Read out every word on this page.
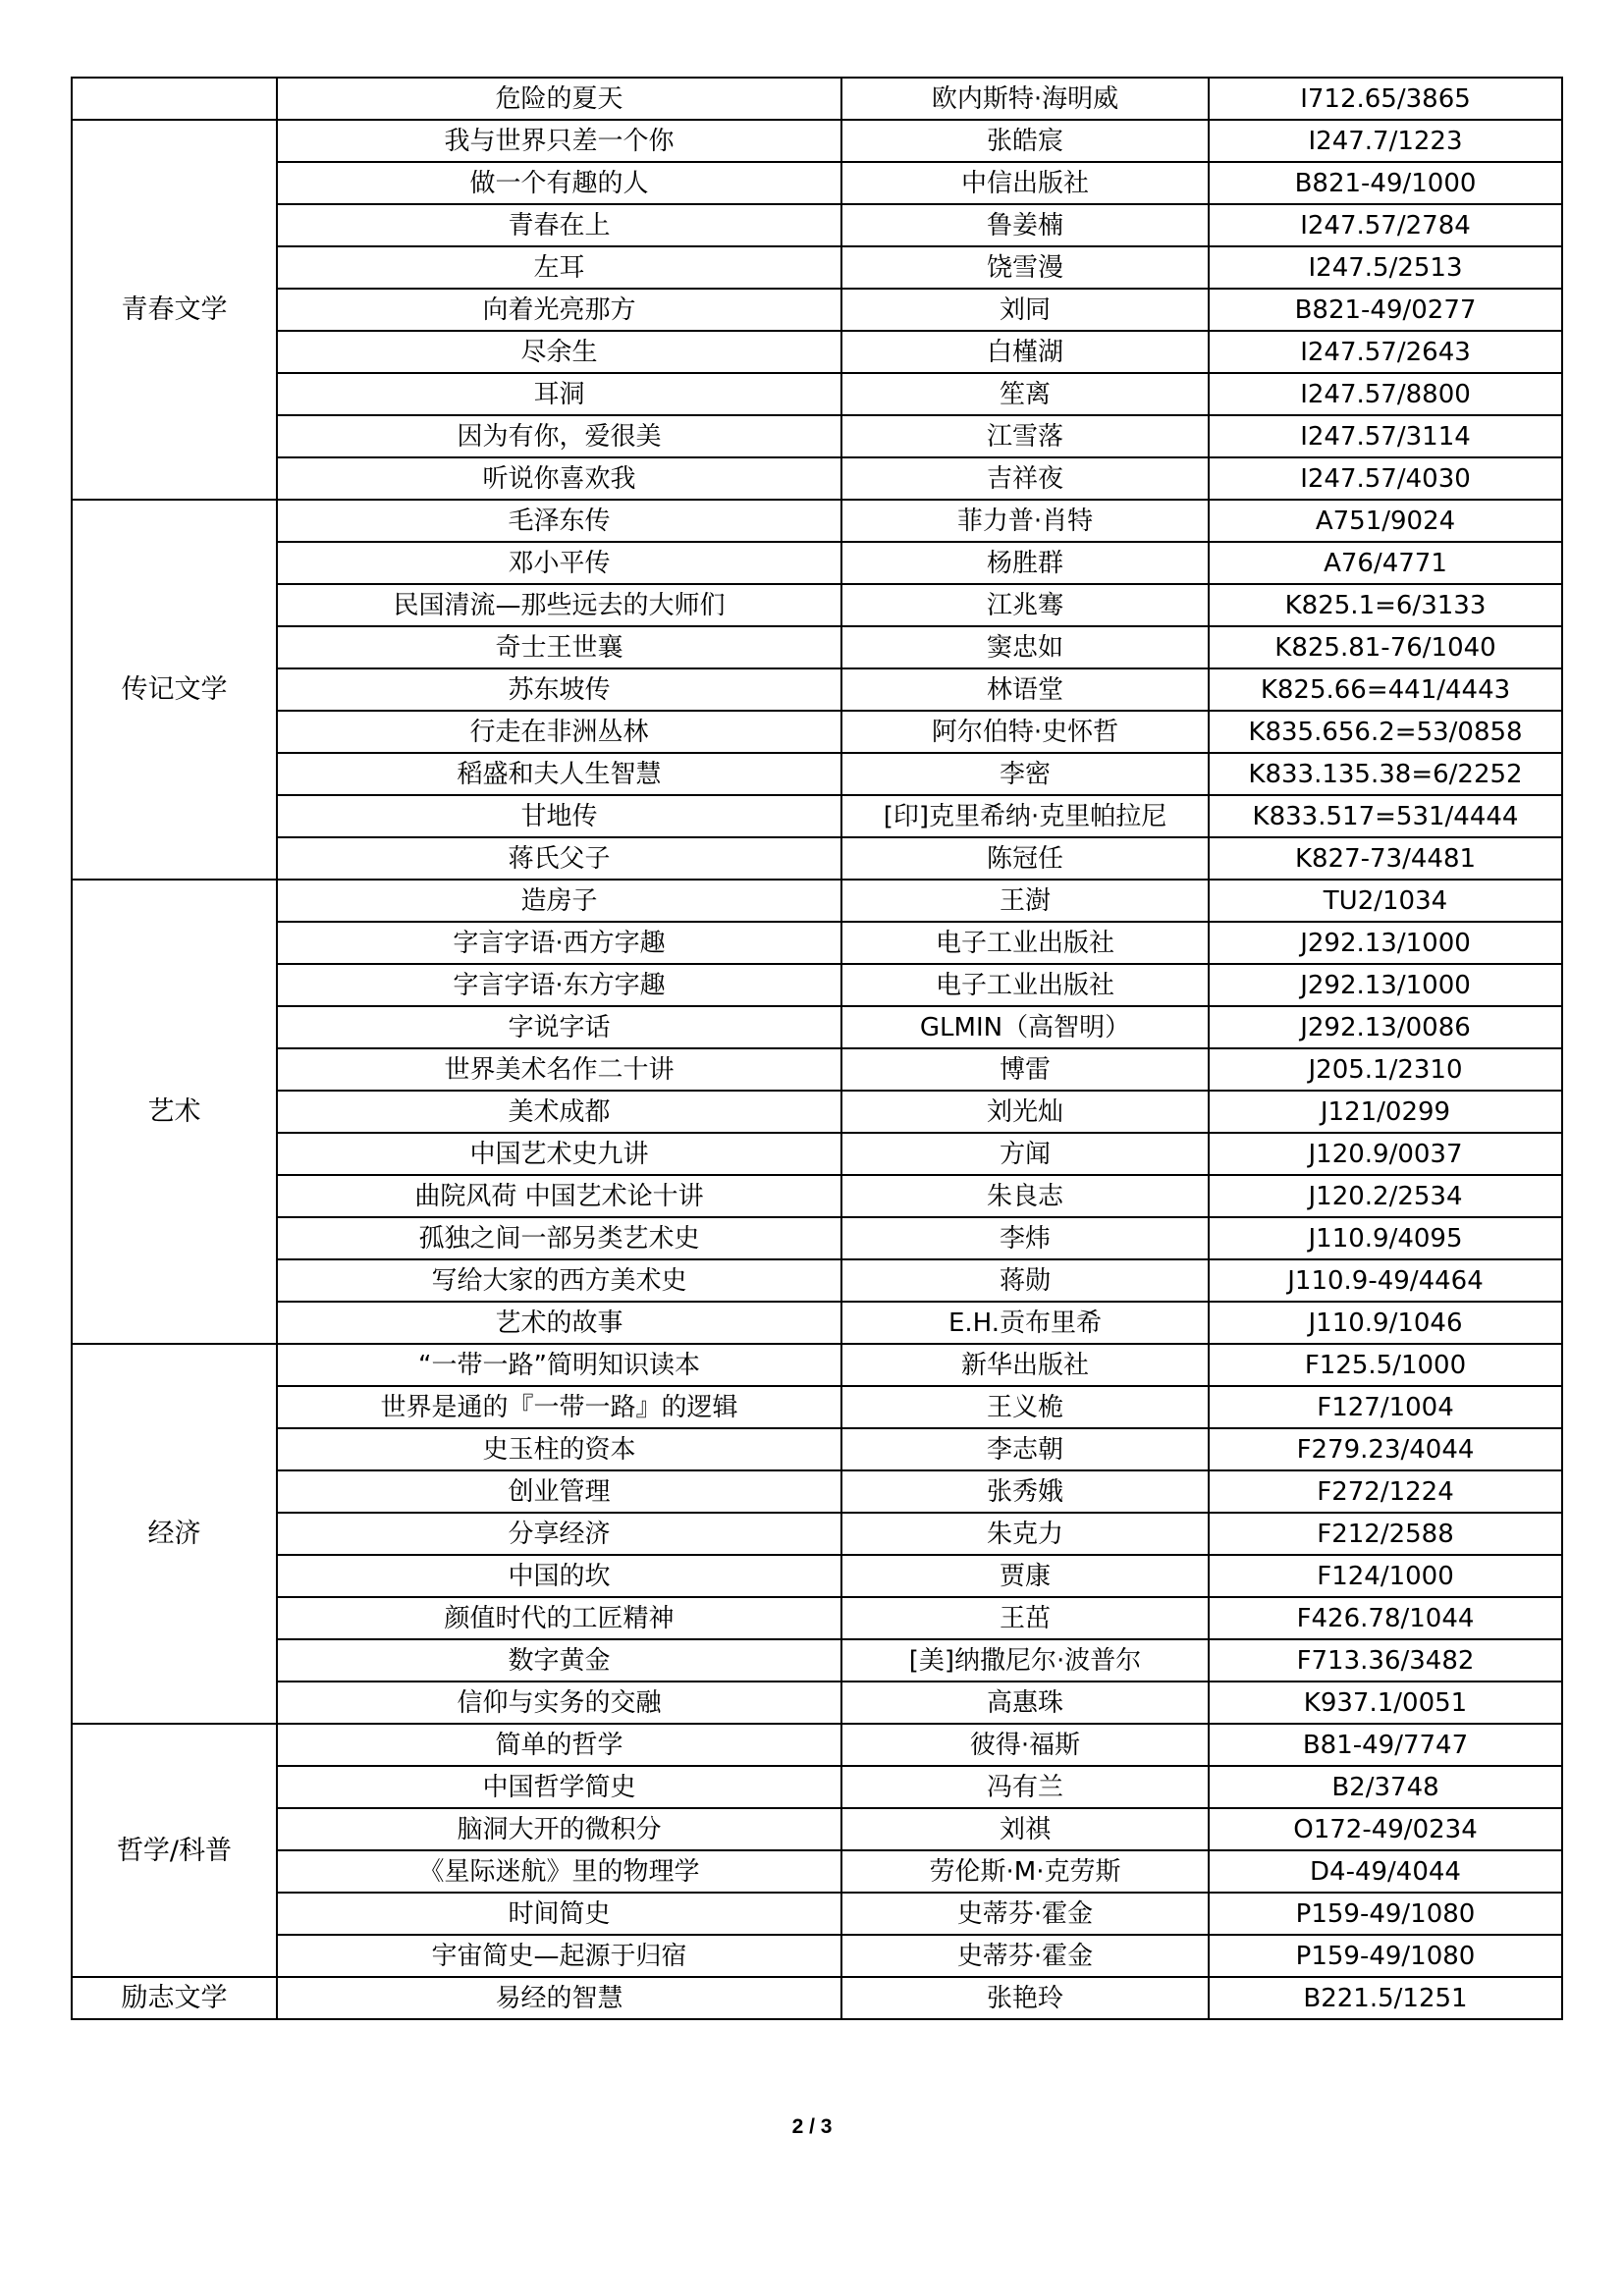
	危险的夏天	欧内斯特·海明威	I712.65/3865
青春文学	我与世界只差一个你	张皓宸	I247.7/1223
	做一个有趣的人	中信出版社	B821-49/1000
	青春在上	鲁姜楠	I247.57/2784
	左耳	饶雪漫	I247.5/2513
	向着光亮那方	刘同	B821-49/0277
	尽余生	白槿湖	I247.57/2643
	耳洞	笙离	I247.57/8800
	因为有你，爱很美	江雪落	I247.57/3114
	听说你喜欢我	吉祥夜	I247.57/4030
传记文学	毛泽东传	菲力普·肖特	A751/9024
	邓小平传	杨胜群	A76/4771
	民国清流—那些远去的大师们	江兆骞	K825.1=6/3133
	奇士王世襄	窦忠如	K825.81-76/1040
	苏东坡传	林语堂	K825.66=441/4443
	行走在非洲丛林	阿尔伯特·史怀哲	K835.656.2=53/0858
	稻盛和夫人生智慧	李密	K833.135.38=6/2252
	甘地传	[印]克里希纳·克里帕拉尼	K833.517=531/4444
	蒋氏父子	陈冠任	K827-73/4481
艺术	造房子	王澍	TU2/1034
	字言字语·西方字趣	电子工业出版社	J292.13/1000
	字言字语·东方字趣	电子工业出版社	J292.13/1000
	字说字话	GLMIN（高智明）	J292.13/0086
	世界美术名作二十讲	博雷	J205.1/2310
	美术成都	刘光灿	J121/0299
	中国艺术史九讲	方闻	J120.9/0037
	曲院风荷 中国艺术论十讲	朱良志	J120.2/2534
	孤独之间一部另类艺术史	李炜	J110.9/4095
	写给大家的西方美术史	蒋勋	J110.9-49/4464
	艺术的故事	E.H.贡布里希	J110.9/1046
经济	“一带一路”简明知识读本	新华出版社	F125.5/1000
	世界是通的『一带一路』的逻辑	王义桅	F127/1004
	史玉柱的资本	李志朝	F279.23/4044
	创业管理	张秀娥	F272/1224
	分享经济	朱克力	F212/2588
	中国的坎	贾康	F124/1000
	颜值时代的工匠精神	王茁	F426.78/1044
	数字黄金	[美]纳撒尼尔·波普尔	F713.36/3482
	信仰与实务的交融	高惠珠	K937.1/0051
哲学/科普	简单的哲学	彼得·福斯	B81-49/7747
	中国哲学简史	冯有兰	B2/3748
	脑洞大开的微积分	刘祺	O172-49/0234
	《星际迷航》里的物理学	劳伦斯·M·克劳斯	D4-49/4044
	时间简史	史蒂芬·霍金	P159-49/1080
	宇宙简史—起源于归宿	史蒂芬·霍金	P159-49/1080
励志文学	易经的智慧	张艳玲	B221.5/1251
2 / 3
